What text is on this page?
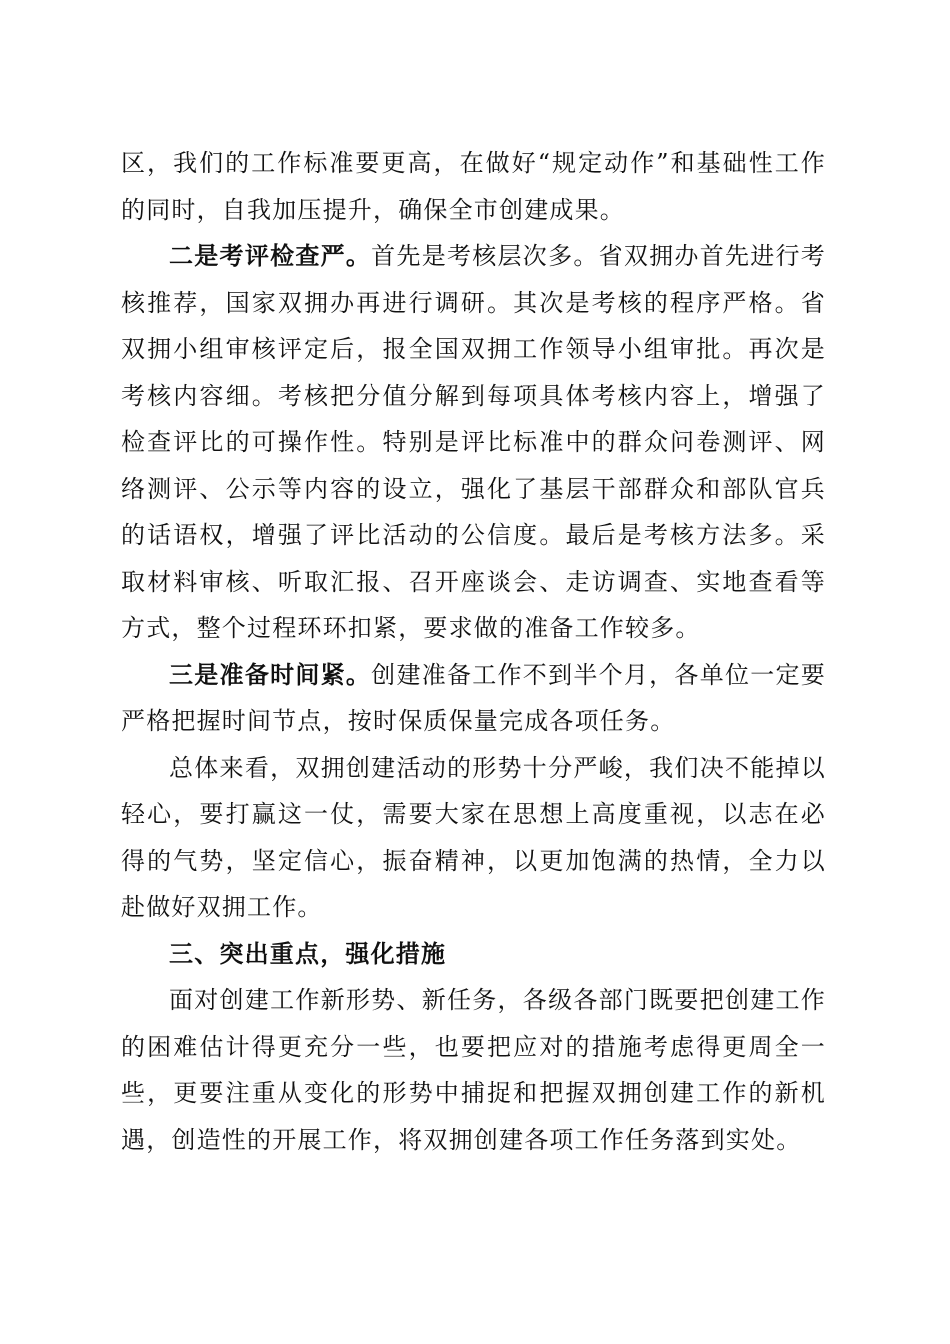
区，我们的工作标准要更高，在做好“规定动作”和基础性工作的同时，自我加压提升，确保全市创建成果。

二是考评检查严。首先是考核层次多。省双拥办首先进行考核推荐，国家双拥办再进行调研。其次是考核的程序严格。省双拥小组审核评定后，报全国双拥工作领导小组审批。再次是考核内容细。考核把分值分解到每项具体考核内容上，增强了检查评比的可操作性。特别是评比标准中的群众问卷测评、网络测评、公示等内容的设立，强化了基层干部群众和部队官兵的话语权，增强了评比活动的公信度。最后是考核方法多。采取材料审核、听取汇报、召开座谈会、走访调查、实地查看等方式，整个过程环环扣紧，要求做的准备工作较多。

三是准备时间紧。创建准备工作不到半个月，各单位一定要严格把握时间节点，按时保质保量完成各项任务。

总体来看，双拥创建活动的形势十分严峻，我们决不能掉以轻心，要打赢这一仗，需要大家在思想上高度重视，以志在必得的气势，坚定信心，振奋精神，以更加饱满的热情，全力以赴做好双拥工作。

三、突出重点，强化措施

面对创建工作新形势、新任务，各级各部门既要把创建工作的困难估计得更充分一些，也要把应对的措施考虑得更周全一些，更要注重从变化的形势中捕捉和把握双拥创建工作的新机遇，创造性的开展工作，将双拥创建各项工作任务落到实处。
